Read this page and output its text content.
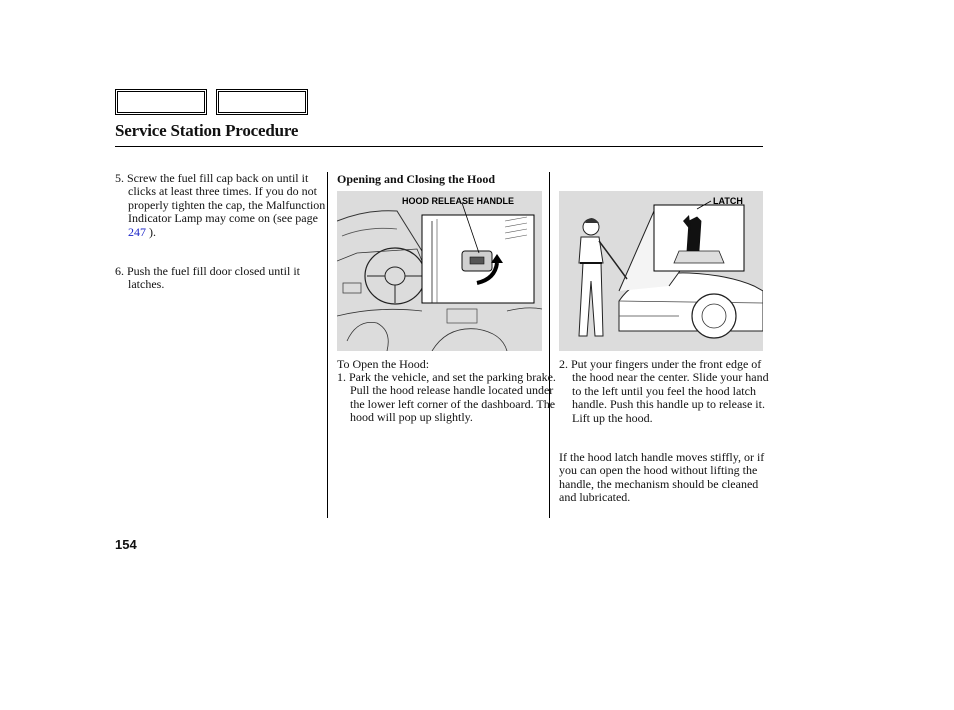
Service Station Procedure
5. Screw the fuel fill cap back on until it clicks at least three times. If you do not properly tighten the cap, the Malfunction Indicator Lamp may come on (see page
247 ).
6. Push the fuel fill door closed until it latches.
Opening and Closing the Hood
HOOD RELEASE HANDLE
To Open the Hood:
1. Park the vehicle, and set the parking brake. Pull the hood release handle located under the lower left corner of the dashboard. The hood will pop up slightly.
LATCH
2. Put your fingers under the front edge of the hood near the center. Slide your hand to the left until you feel the hood latch handle. Push this handle up to release it. Lift up the hood.
If the hood latch handle moves stiffly, or if you can open the hood without lifting the handle, the mechanism should be cleaned and lubricated.
154
